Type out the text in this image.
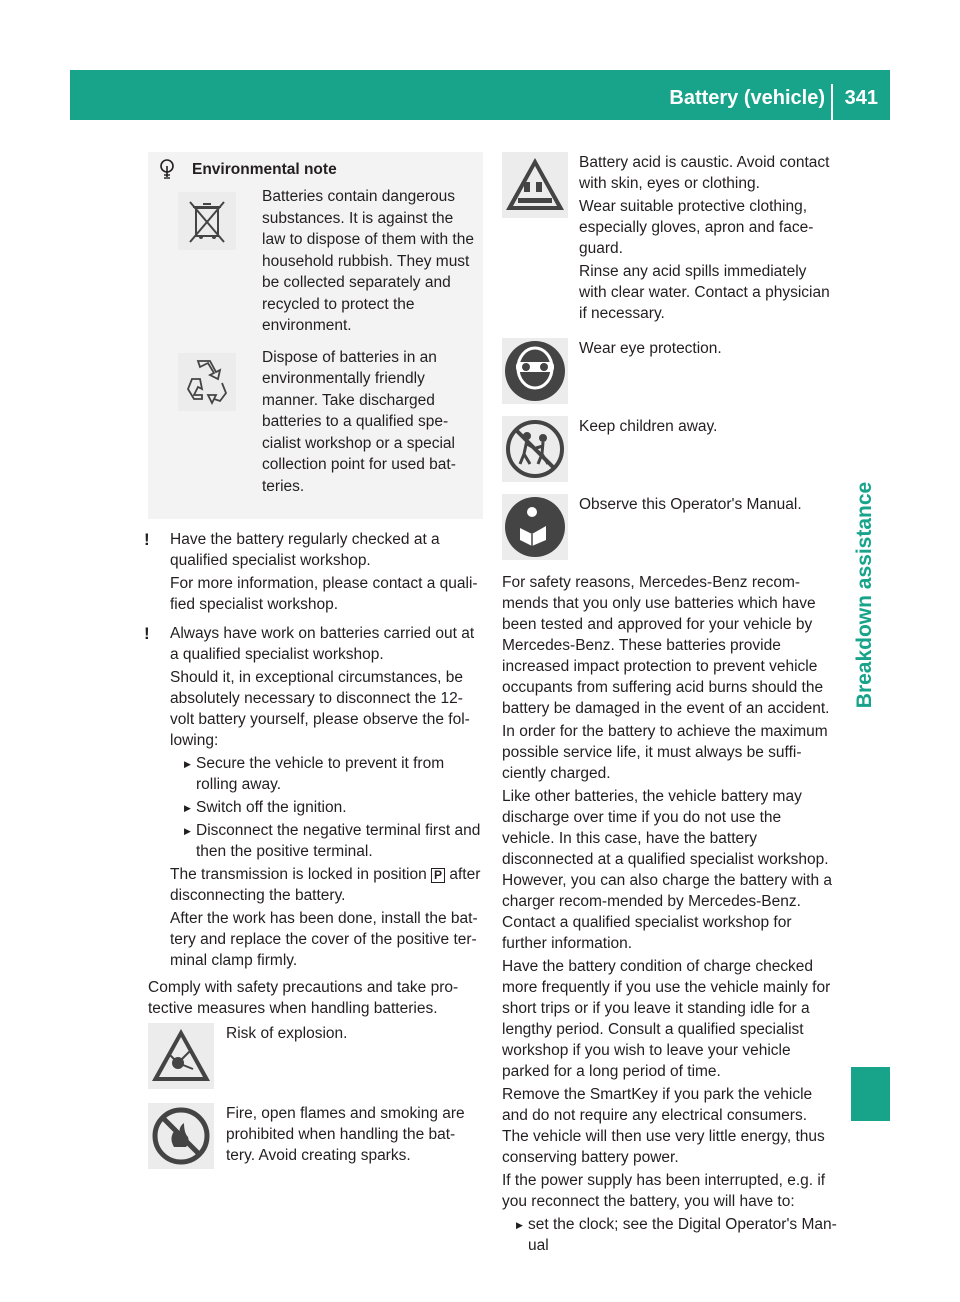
Battery (vehicle) 341
Breakdown assistance
Environmental note
Batteries contain dangerous substances. It is against the law to dispose of them with the household rubbish. They must be collected separately and recycled to protect the environment.
Dispose of batteries in an environmentally friendly manner. Take discharged batteries to a qualified spe-cialist workshop or a special collection point for used bat-teries.
!	Have the battery regularly checked at a qualified specialist workshop.

For more information, please contact a quali-fied specialist workshop.

!	Always have work on batteries carried out at a qualified specialist workshop.

Should it, in exceptional circumstances, be absolutely necessary to disconnect the 12-volt battery yourself, please observe the fol-lowing:

▶ Secure the vehicle to prevent it from rolling away.
▶ Switch off the ignition.
▶ Disconnect the negative terminal first and then the positive terminal.

The transmission is locked in position P after disconnecting the battery.

After the work has been done, install the bat-tery and replace the cover of the positive ter-minal clamp firmly.

Comply with safety precautions and take pro-tective measures when handling batteries.

Risk of explosion.
Fire, open flames and smoking are prohibited when handling the bat-tery. Avoid creating sparks.

Battery acid is caustic. Avoid contact with skin, eyes or clothing.

Wear suitable protective clothing, especially gloves, apron and face-guard.

Rinse any acid spills immediately with clear water. Contact a physician if necessary.

Wear eye protection.
Keep children away.
Observe this Operator's Manual.

For safety reasons, Mercedes-Benz recom-mends that you only use batteries which have been tested and approved for your vehicle by Mercedes-Benz. These batteries provide increased impact protection to prevent vehicle occupants from suffering acid burns should the battery be damaged in the event of an accident.

In order for the battery to achieve the maximum possible service life, it must always be suffi-ciently charged.

Like other batteries, the vehicle battery may discharge over time if you do not use the vehicle. In this case, have the battery disconnected at a qualified specialist workshop. However, you can also charge the battery with a charger recom-mended by Mercedes-Benz. Contact a qualified specialist workshop for further information.

Have the battery condition of charge checked more frequently if you use the vehicle mainly for short trips or if you leave it standing idle for a lengthy period. Consult a qualified specialist workshop if you wish to leave your vehicle parked for a long period of time.

Remove the SmartKey if you park the vehicle and do not require any electrical consumers. The vehicle will then use very little energy, thus conserving battery power.

If the power supply has been interrupted, e.g. if you reconnect the battery, you will have to:

▶ set the clock; see the Digital Operator's Man-ual
